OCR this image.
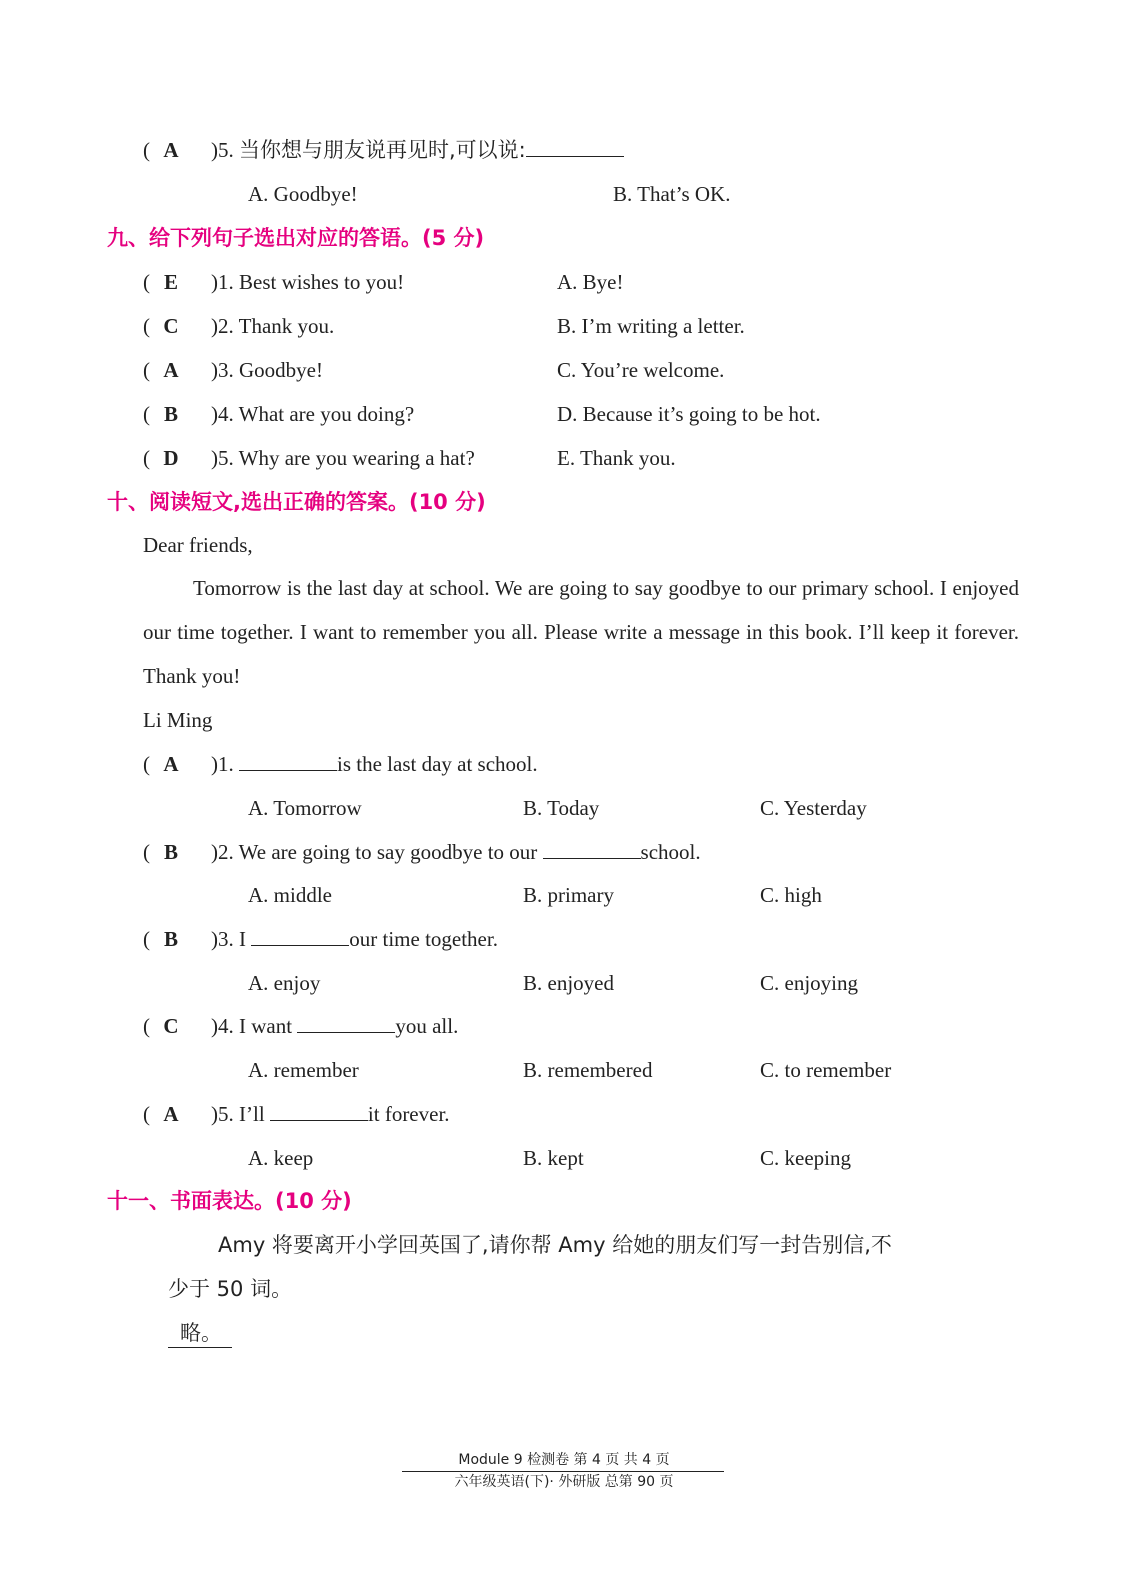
( A )5. 当你想与朋友说再见时,可以说:
A. Goodbye!	B. That’s OK.
九、给下列句子选出对应的答语。(5 分)
( E )1. Best wishes to you!	A. Bye!
( C )2. Thank you.	B. I’m writing a letter.
( A )3. Goodbye!	C. You’re welcome.
( B )4. What are you doing?	D. Because it’s going to be hot.
( D )5. Why are you wearing a hat?	E. Thank you.
十、阅读短文,选出正确的答案。(10 分)
Dear friends,
Tomorrow is the last day at school. We are going to say goodbye to our primary school. I enjoyed our time together. I want to remember you all. Please write a message in this book. I’ll keep it forever. Thank you!
Li Ming
( A )1.	is the last day at school.
A. Tomorrow	B. Today	C. Yesterday
( B )2. We are going to say goodbye to our	school.
A. middle	B. primary	C. high
( B )3. I	our time together.
A. enjoy	B. enjoyed	C. enjoying
( C )4. I want	you all.
A. remember	B. remembered	C. to remember
( A )5. I’ll	it forever.
A. keep	B. kept	C. keeping
十一、书面表达。(10 分)
Amy 将要离开小学回英国了,请你帮 Amy 给她的朋友们写一封告别信,不
少于 50 词。
略。
Module 9 检测卷 第 4 页 共 4 页
六年级英语(下)· 外研版 总第 90 页
